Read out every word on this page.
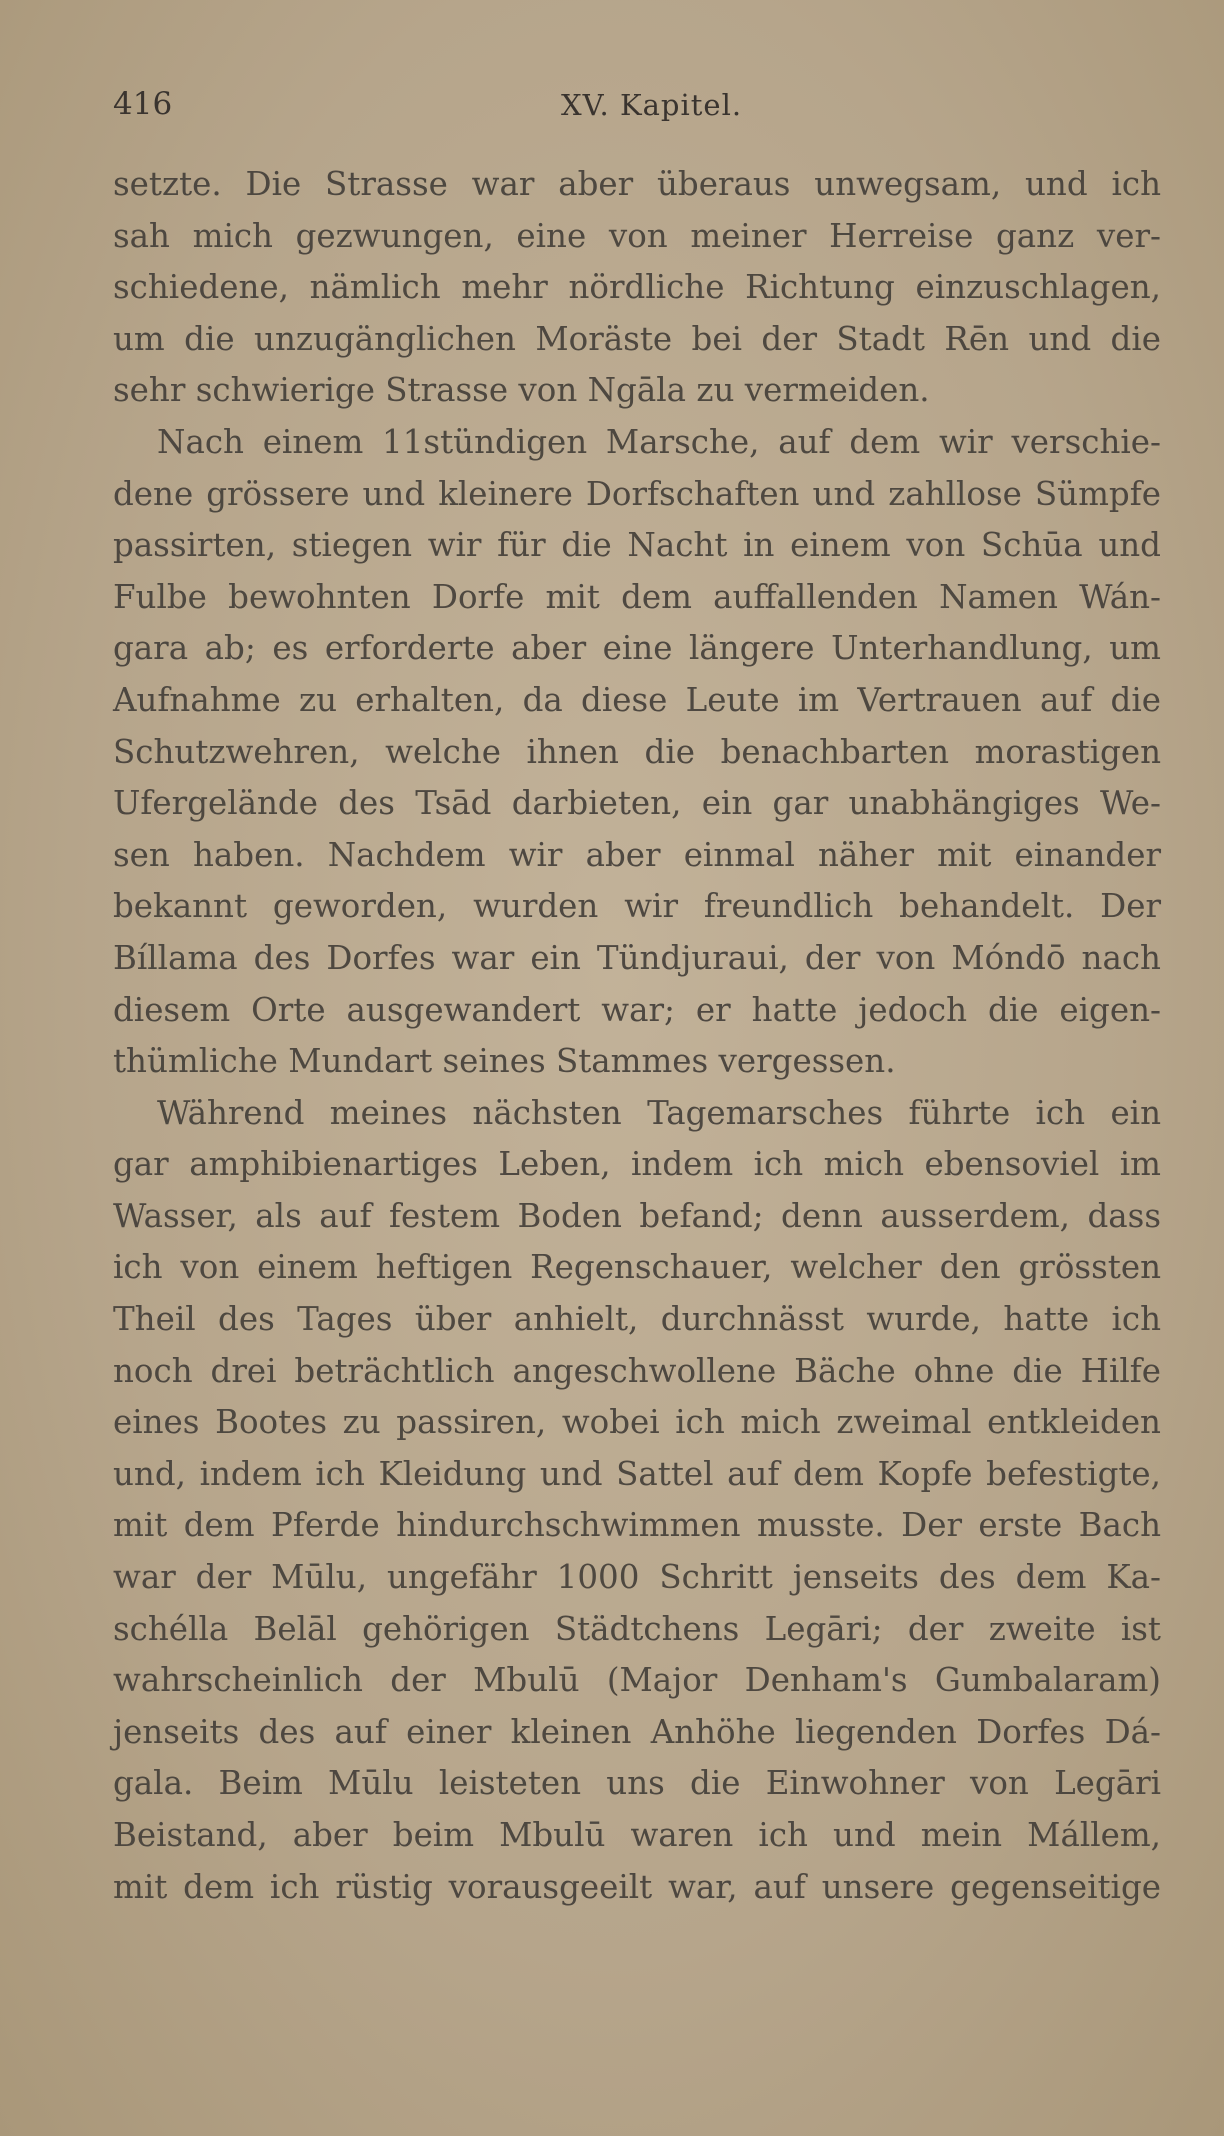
416	XV. Kapitel.
setzte. Die Strasse war aber überaus unwegsam, und ich
sah mich gezwungen, eine von meiner Herreise ganz ver-
schiedene, nämlich mehr nördliche Richtung einzuschlagen,
um die unzugänglichen Moräste bei der Stadt Rēn und die
sehr schwierige Strasse von Ngāla zu vermeiden.
Nach einem 11stündigen Marsche, auf dem wir verschie-
dene grössere und kleinere Dorfschaften und zahllose Sümpfe
passirten, stiegen wir für die Nacht in einem von Schūa und
Fulbe bewohnten Dorfe mit dem auffallenden Namen Wán-
gara ab; es erforderte aber eine längere Unterhandlung, um
Aufnahme zu erhalten, da diese Leute im Vertrauen auf die
Schutzwehren, welche ihnen die benachbarten morastigen
Ufergelände des Tsād darbieten, ein gar unabhängiges We-
sen haben. Nachdem wir aber einmal näher mit einander
bekannt geworden, wurden wir freundlich behandelt. Der
Bíllama des Dorfes war ein Tündjuraui, der von Móndō nach
diesem Orte ausgewandert war; er hatte jedoch die eigen-
thümliche Mundart seines Stammes vergessen.
Während meines nächsten Tagemarsches führte ich ein
gar amphibienartiges Leben, indem ich mich ebensoviel im
Wasser, als auf festem Boden befand; denn ausserdem, dass
ich von einem heftigen Regenschauer, welcher den grössten
Theil des Tages über anhielt, durchnässt wurde, hatte ich
noch drei beträchtlich angeschwollene Bäche ohne die Hilfe
eines Bootes zu passiren, wobei ich mich zweimal entkleiden
und, indem ich Kleidung und Sattel auf dem Kopfe befestigte,
mit dem Pferde hindurchschwimmen musste. Der erste Bach
war der Mūlu, ungefähr 1000 Schritt jenseits des dem Ka-
schélla Belāl gehörigen Städtchens Legāri; der zweite ist
wahrscheinlich der Mbulū (Major Denham's Gumbalaram)
jenseits des auf einer kleinen Anhöhe liegenden Dorfes Dá-
gala. Beim Mūlu leisteten uns die Einwohner von Legāri
Beistand, aber beim Mbulū waren ich und mein Mállem,
mit dem ich rüstig vorausgeeilt war, auf unsere gegenseitige
